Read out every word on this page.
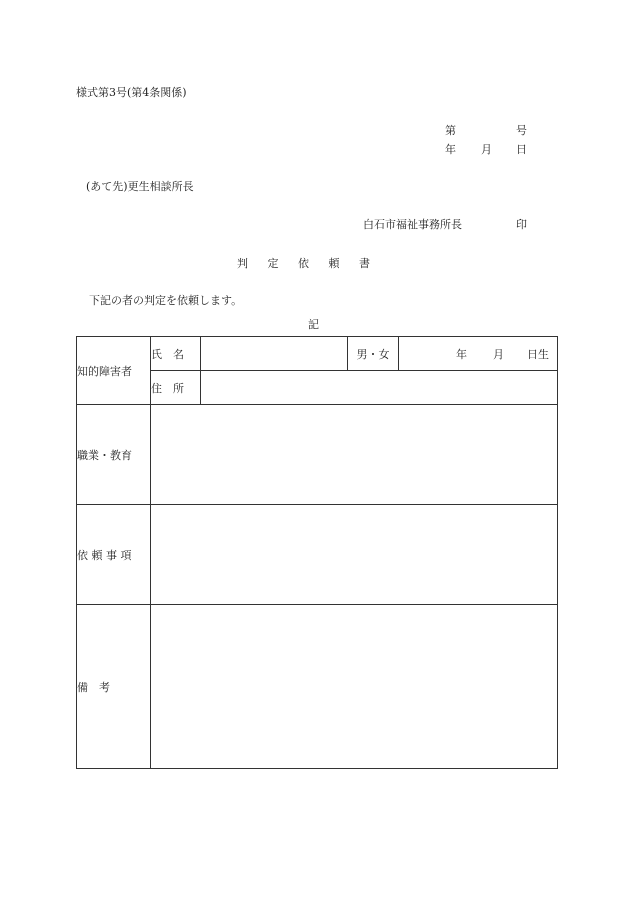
様式第3号(第4条関係)
第	号
年 月 日
(あて先)更生相談所長
白石市福祉事務所長	印
判 定 依 頼 書
下記の者の判定を依頼します。
記
知的障害者	氏　名		男・女	年 月 日生

	住　所			
職業・教育				
依 頼 事 項				
備　考				
